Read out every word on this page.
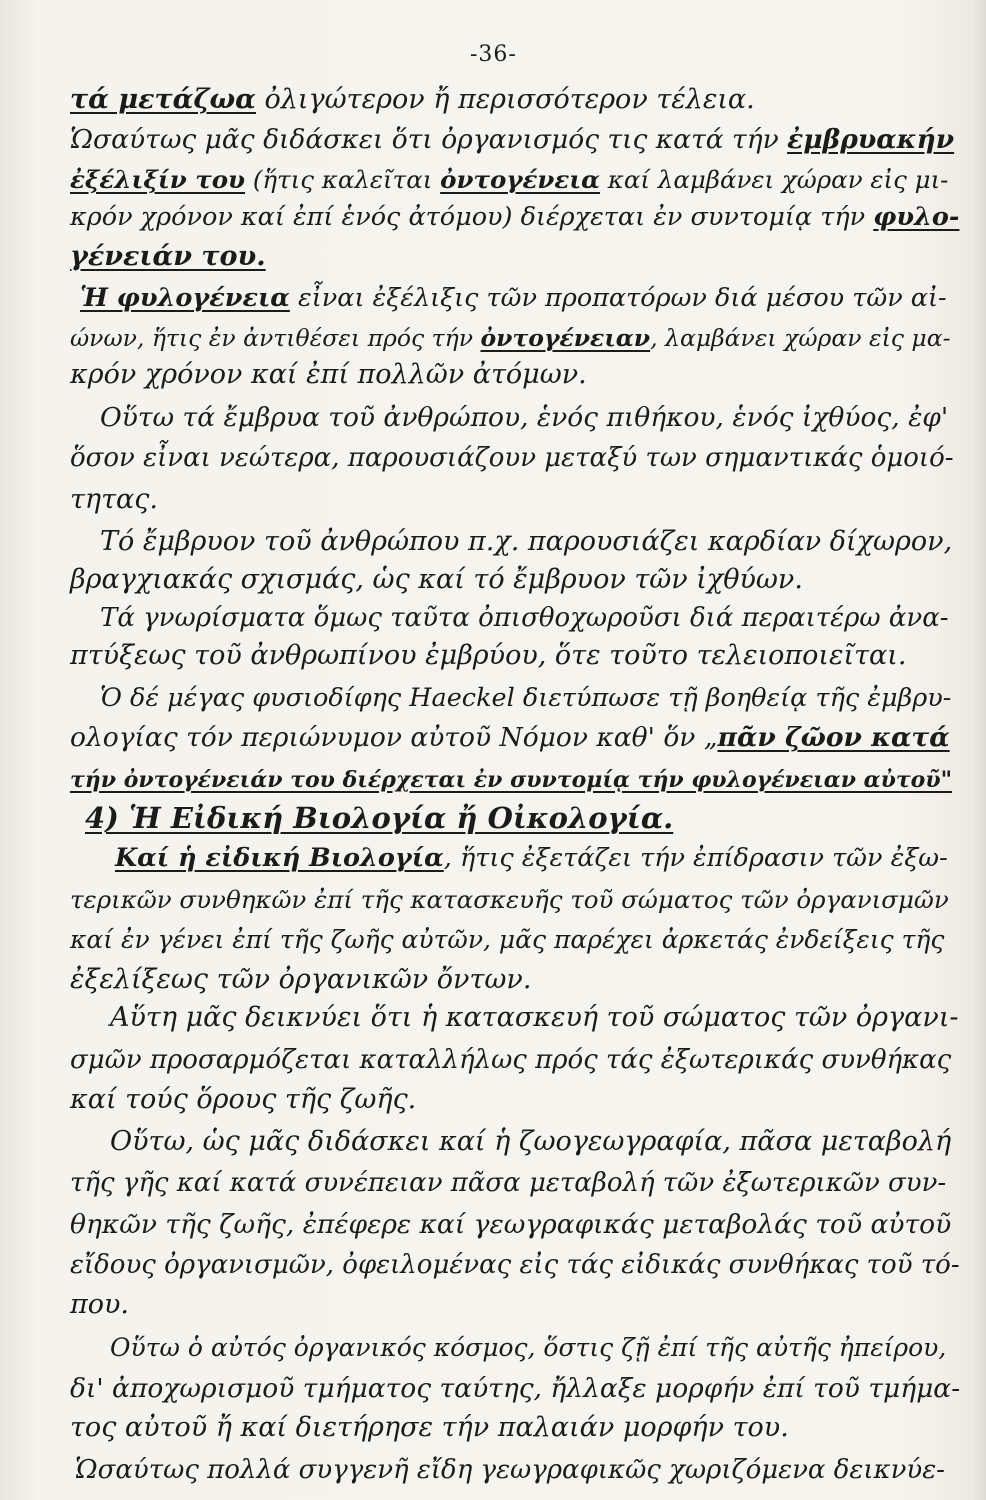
-36-
τά μετάζωα ὀλιγώτερον ἤ περισσότερον τέλεια.
Ὡσαύτως μᾶς διδάσκει ὅτι ὀργανισμός τις κατά τήν ἐμβρυακήν
ἐξέλιξίν του (ἥτις καλεῖται ὀντογένεια καί λαμβάνει χώραν εἰς μι-
κρόν χρόνον καί ἐπί ἑνός ἀτόμου) διέρχεται ἐν συντομίᾳ τήν φυλο-
γένειάν του.
Ἡ φυλογένεια εἶναι ἐξέλιξις τῶν προπατόρων διά μέσου τῶν αἰ-
ώνων, ἥτις ἐν ἀντιθέσει πρός τήν ὀντογένειαν, λαμβάνει χώραν εἰς μα-
κρόν χρόνον καί ἐπί πολλῶν ἀτόμων.
Οὕτω τά ἔμβρυα τοῦ ἀνθρώπου, ἑνός πιθήκου, ἑνός ἰχθύος, ἐφ'
ὅσον εἶναι νεώτερα, παρουσιάζουν μεταξύ των σημαντικάς ὁμοιό-
τητας.
Τό ἔμβρυον τοῦ ἀνθρώπου π.χ. παρουσιάζει καρδίαν δίχωρον,
βραγχιακάς σχισμάς, ὡς καί τό ἔμβρυον τῶν ἰχθύων.
Τά γνωρίσματα ὅμως ταῦτα ὀπισθοχωροῦσι διά περαιτέρω ἀνα-
πτύξεως τοῦ ἀνθρωπίνου ἐμβρύου, ὅτε τοῦτο τελειοποιεῖται.
Ὁ δέ μέγας φυσιοδίφης Haeckel διετύπωσε τῇ βοηθείᾳ τῆς ἐμβρυ-
ολογίας τόν περιώνυμον αὐτοῦ Νόμον καθ' ὅν „πᾶν ζῶον κατά
τήν ὀντογένειάν του διέρχεται ἐν συντομίᾳ τήν φυλογένειαν αὐτοῦ"
4) Ἡ Εἰδική Βιολογία ἤ Οἰκολογία.
Καί ἡ εἰδική Βιολογία, ἥτις ἐξετάζει τήν ἐπίδρασιν τῶν ἐξω-
τερικῶν συνθηκῶν ἐπί τῆς κατασκευῆς τοῦ σώματος τῶν ὀργανισμῶν
καί ἐν γένει ἐπί τῆς ζωῆς αὐτῶν, μᾶς παρέχει ἀρκετάς ἐνδείξεις τῆς
ἐξελίξεως τῶν ὀργανικῶν ὄντων.
Αὕτη μᾶς δεικνύει ὅτι ἡ κατασκευή τοῦ σώματος τῶν ὀργανι-
σμῶν προσαρμόζεται καταλλήλως πρός τάς ἐξωτερικάς συνθήκας
καί τούς ὅρους τῆς ζωῆς.
Οὕτω, ὡς μᾶς διδάσκει καί ἡ ζωογεωγραφία, πᾶσα μεταβολή
τῆς γῆς καί κατά συνέπειαν πᾶσα μεταβολή τῶν ἐξωτερικῶν συν-
θηκῶν τῆς ζωῆς, ἐπέφερε καί γεωγραφικάς μεταβολάς τοῦ αὐτοῦ
εἴδους ὀργανισμῶν, ὀφειλομένας εἰς τάς εἰδικάς συνθήκας τοῦ τό-
που.
Οὕτω ὁ αὐτός ὀργανικός κόσμος, ὅστις ζῇ ἐπί τῆς αὐτῆς ἠπείρου,
δι' ἀποχωρισμοῦ τμήματος ταύτης, ἤλλαξε μορφήν ἐπί τοῦ τμήμα-
τος αὐτοῦ ἤ καί διετήρησε τήν παλαιάν μορφήν του.
Ὡσαύτως πολλά συγγενῆ εἴδη γεωγραφικῶς χωριζόμενα δεικνύε-
